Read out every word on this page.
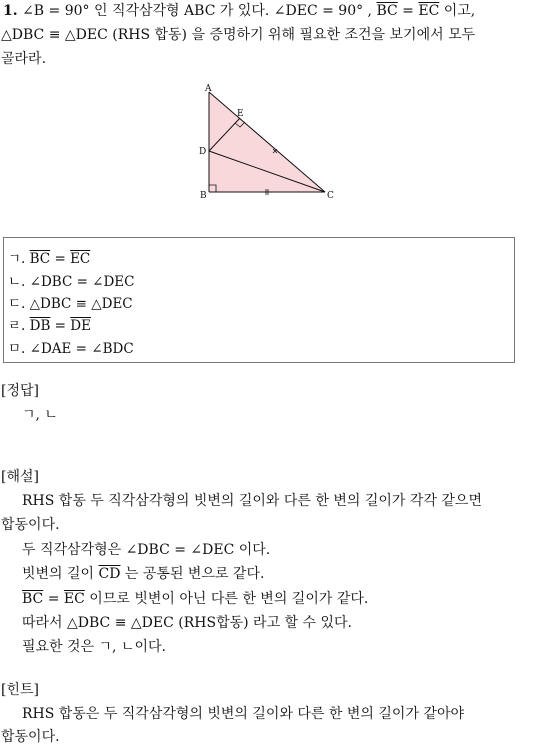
1. ∠B = 90° 인 직각삼각형 ABC 가 있다. ∠DEC = 90° , $\overline{BC} = \overline{EC}$ 이고,
△DBC ≡ △DEC (RHS 합동) 을 증명하기 위해 필요한 조건을 보기에서 모두
골라라.
A
E
D
B	C
ㄱ. $\overline{BC} = \overline{EC}$
ㄴ. ∠DBC = ∠DEC
ㄷ. △DBC ≡ △DEC
ㄹ. $\overline{DB} = \overline{DE}$
ㅁ. ∠DAE = ∠BDC
[정답]
ㄱ, ㄴ
[해설]
RHS 합동 두 직각삼각형의 빗변의 길이와 다른 한 변의 길이가 각각 같으면
합동이다.
두 직각삼각형은 ∠DBC = ∠DEC 이다.
빗변의 길이 $\overline{CD}$ 는 공통된 변으로 같다.
$\overline{BC} = \overline{EC}$ 이므로 빗변이 아닌 다른 한 변의 길이가 같다.
따라서 △DBC ≡ △DEC (RHS합동) 라고 할 수 있다.
필요한 것은 ㄱ, ㄴ이다.
[힌트]
RHS 합동은 두 직각삼각형의 빗변의 길이와 다른 한 변의 길이가 같아야
합동이다.
